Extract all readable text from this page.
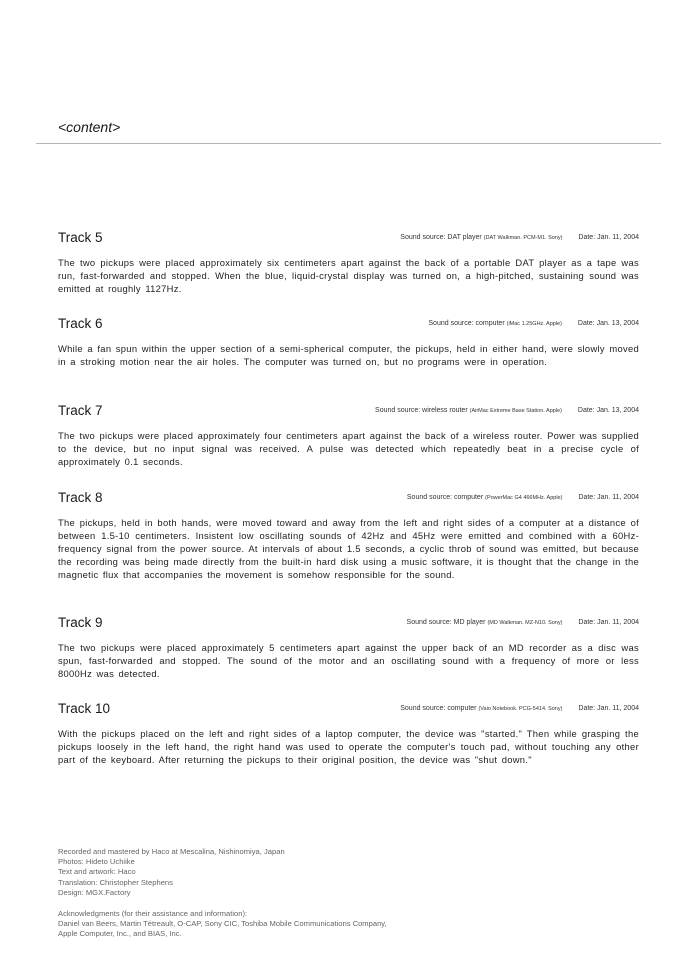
<content>
Track 5	Sound source: DAT player (DAT Walkman. PCM-M1. Sony) Date: Jan. 11, 2004

The two pickups were placed approximately six centimeters apart against the back of a portable DAT player as a tape was run, fast-forwarded and stopped. When the blue, liquid-crystal display was turned on, a high-pitched, sustaining sound was emitted at roughly 1127Hz.

Track 6	Sound source: computer (iMac 1.25GHz. Apple) Date: Jan. 13, 2004

While a fan spun within the upper section of a semi-spherical computer, the pickups, held in either hand, were slowly moved in a stroking motion near the air holes. The computer was turned on, but no programs were in operation.

Track 7	Sound source: wireless router (AirMac Extreme Base Station. Apple) Date: Jan. 13, 2004

The two pickups were placed approximately four centimeters apart against the back of a wireless router. Power was supplied to the device, but no input signal was received. A pulse was detected which repeatedly beat in a precise cycle of approximately 0.1 seconds.

Track 8	Sound source: computer (PowerMac G4 466MHz. Apple) Date: Jan. 11, 2004

The pickups, held in both hands, were moved toward and away from the left and right sides of a computer at a distance of between 1.5-10 centimeters. Insistent low oscillating sounds of 42Hz and 45Hz were emitted and combined with a 60Hz-frequency signal from the power source. At intervals of about 1.5 seconds, a cyclic throb of sound was emitted, but because the recording was being made directly from the built-in hard disk using a music software, it is thought that the change in the magnetic flux that accompanies the movement is somehow responsible for the sound.

Track 9	Sound source: MD player (MD Walkman. MZ-N10. Sony) Date: Jan. 11, 2004

The two pickups were placed approximately 5 centimeters apart against the upper back of an MD recorder as a disc was spun, fast-forwarded and stopped. The sound of the motor and an oscillating sound with a frequency of more or less 8000Hz was detected.

Track 10	Sound source: computer (Vaio Notebook. PCG-5414. Sony) Date: Jan. 11, 2004

With the pickups placed on the left and right sides of a laptop computer, the device was "started." Then while grasping the pickups loosely in the left hand, the right hand was used to operate the computer's touch pad, without touching any other part of the keyboard. After returning the pickups to their original position, the device was "shut down."

Recorded and mastered by Haco at Mescalina, Nishinomiya, Japan
Photos: Hideto Uchiike
Text and artwork: Haco
Translation: Christopher Stephens
Design: MGX.Factory
Acknowledgments (for their assistance and information):
Daniel van Beers, Martin Tétreault, O-CAP, Sony CIC, Toshiba Mobile Communications Company,
Apple Computer, Inc., and BIAS, Inc.
